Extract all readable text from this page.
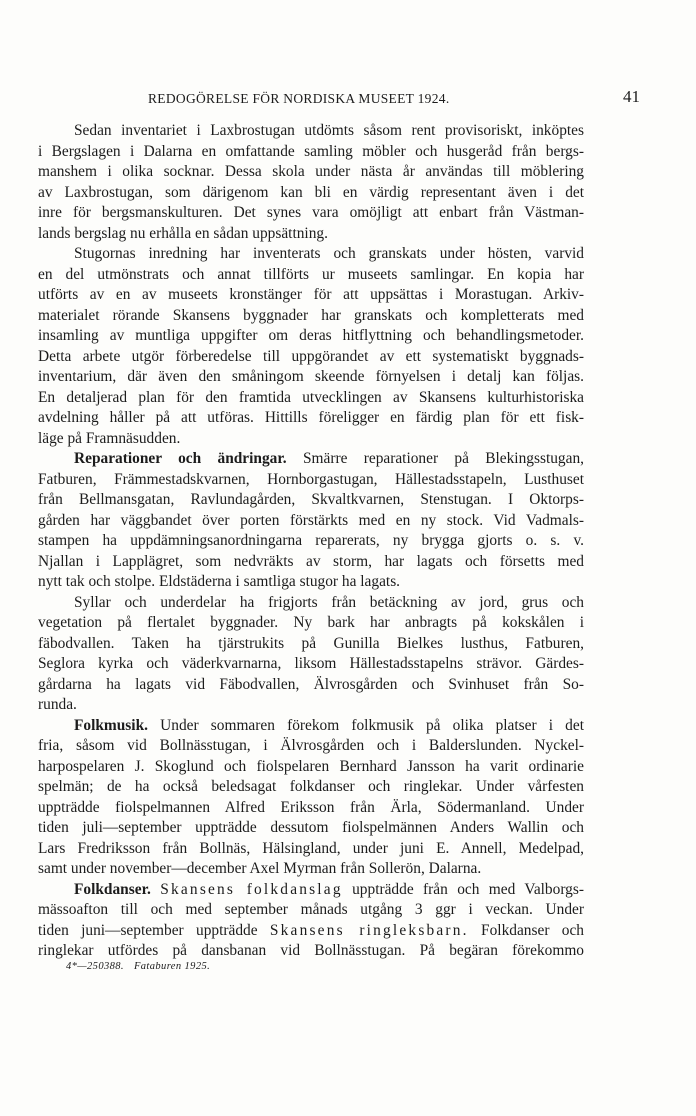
REDOGÖRELSE FÖR NORDISKA MUSEET 1924.	41
Sedan inventariet i Laxbrostugan utdömts såsom rent provisoriskt, inköptes
i Bergslagen i Dalarna en omfattande samling möbler och husgeråd från bergs-
manshem i olika socknar. Dessa skola under nästa år användas till möblering
av Laxbrostugan, som därigenom kan bli en värdig representant även i det
inre för bergsmanskulturen. Det synes vara omöjligt att enbart från Västman-
lands bergslag nu erhålla en sådan uppsättning.
Stugornas inredning har inventerats och granskats under hösten, varvid
en del utmönstrats och annat tillförts ur museets samlingar. En kopia har
utförts av en av museets kronstänger för att uppsättas i Morastugan. Arkiv-
materialet rörande Skansens byggnader har granskats och kompletterats med
insamling av muntliga uppgifter om deras hitflyttning och behandlingsmetoder.
Detta arbete utgör förberedelse till uppgörandet av ett systematiskt byggnads-
inventarium, där även den småningom skeende förnyelsen i detalj kan följas.
En detaljerad plan för den framtida utvecklingen av Skansens kulturhistoriska
avdelning håller på att utföras. Hittills föreligger en färdig plan för ett fisk-
läge på Framnäsudden.
Reparationer och ändringar. Smärre reparationer på Blekingsstugan,
Fatburen, Främmestadskvarnen, Hornborgastugan, Hällestadsstapeln, Lusthuset
från Bellmansgatan, Ravlundagården, Skvaltkvarnen, Stenstugan. I Oktorps-
gården har väggbandet över porten förstärkts med en ny stock. Vid Vadmals-
stampen ha uppdämningsanordningarna reparerats, ny brygga gjorts o. s. v.
Njallan i Lapplägret, som nedvräkts av storm, har lagats och försetts med
nytt tak och stolpe. Eldstäderna i samtliga stugor ha lagats.
Syllar och underdelar ha frigjorts från betäckning av jord, grus och
vegetation på flertalet byggnader. Ny bark har anbragts på kokskålen i
fäbodvallen. Taken ha tjärstrukits på Gunilla Bielkes lusthus, Fatburen,
Seglora kyrka och väderkvarnarna, liksom Hällestadsstapelns strävor. Gärdes-
gårdarna ha lagats vid Fäbodvallen, Älvrosgården och Svinhuset från So-
runda.
Folkmusik. Under sommaren förekom folkmusik på olika platser i det
fria, såsom vid Bollnässtugan, i Älvrosgården och i Balderslunden. Nyckel-
harpospelaren J. Skoglund och fiolspelaren Bernhard Jansson ha varit ordinarie
spelmän; de ha också beledsagat folkdanser och ringlekar. Under vårfesten
uppträdde fiolspelmannen Alfred Eriksson från Ärla, Södermanland. Under
tiden juli—september uppträdde dessutom fiolspelmännen Anders Wallin och
Lars Fredriksson från Bollnäs, Hälsingland, under juni E. Annell, Medelpad,
samt under november—december Axel Myrman från Sollerön, Dalarna.
Folkdanser. Skansens folkdanslag uppträdde från och med Valborgs-
mässoafton till och med september månads utgång 3 ggr i veckan. Under
tiden juni—september uppträdde Skansens ringleksbarn. Folkdanser och
ringlekar utfördes på dansbanan vid Bollnässtugan. På begäran förekommo
4*—250388. Fataburen 1925.
